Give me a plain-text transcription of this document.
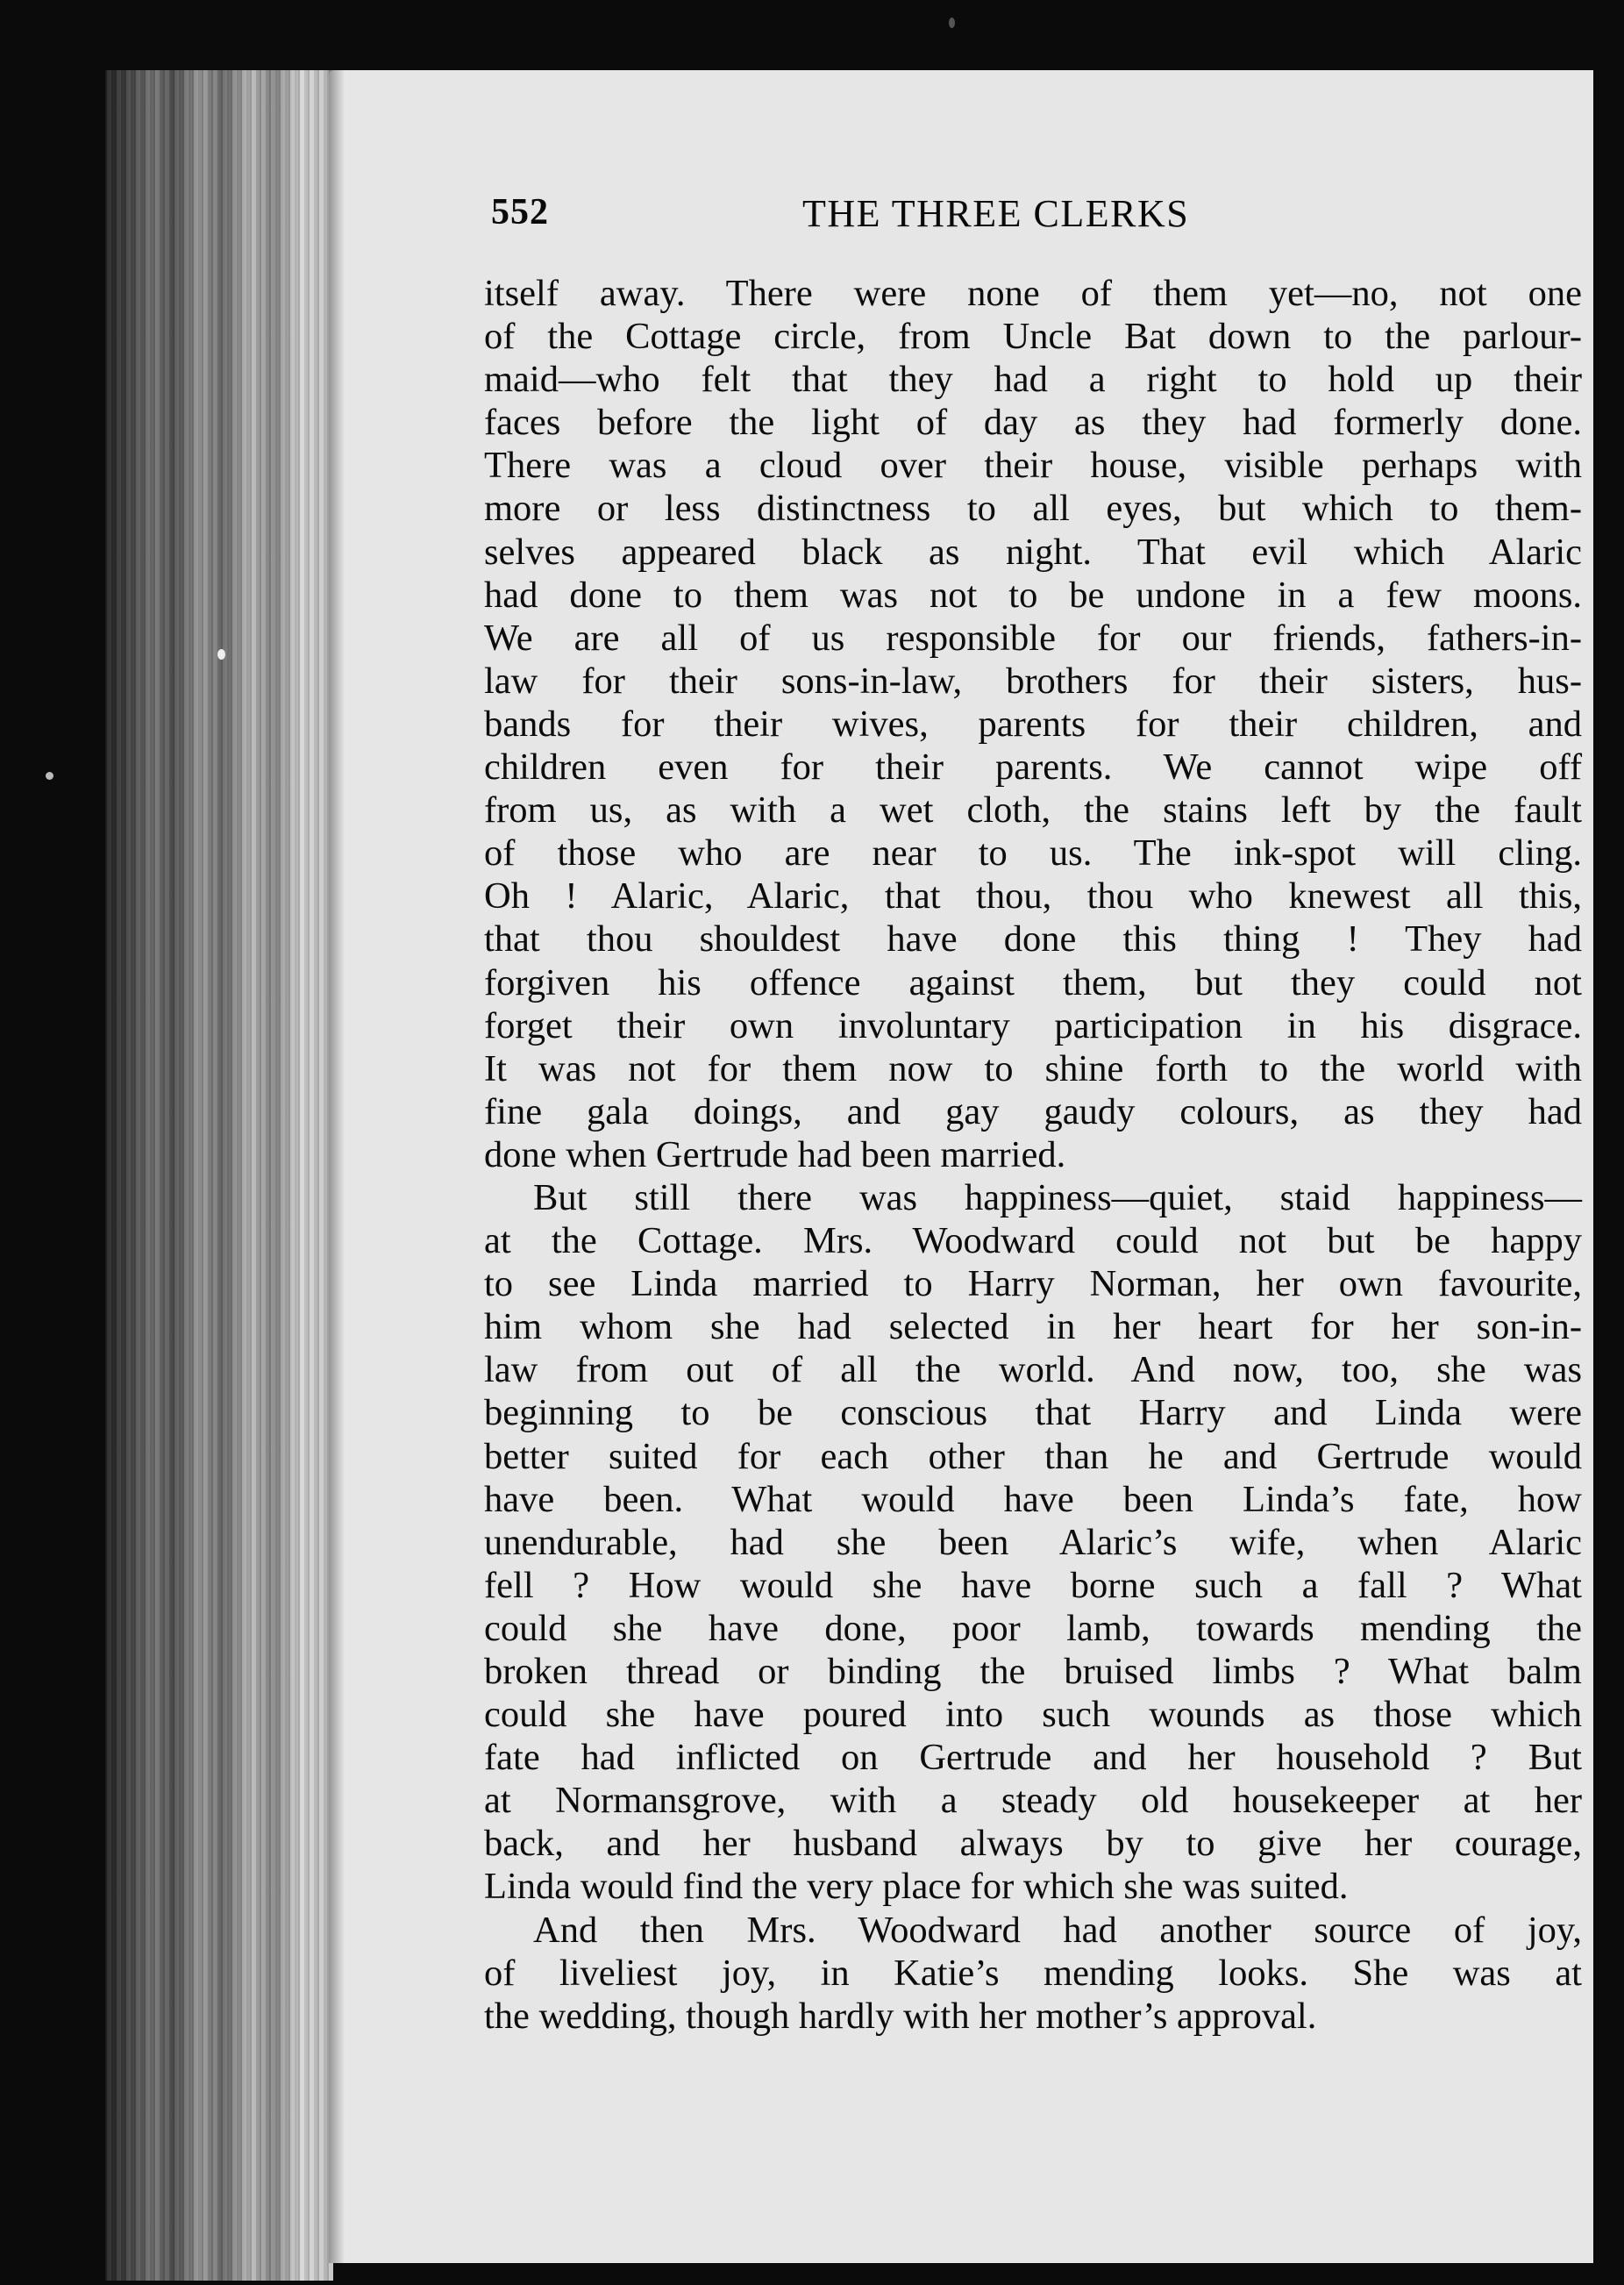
552	THE THREE CLERKS
itself away. There were none of them yet—no, not one
of the Cottage circle, from Uncle Bat down to the parlour-
maid—who felt that they had a right to hold up their
faces before the light of day as they had formerly done.
There was a cloud over their house, visible perhaps with
more or less distinctness to all eyes, but which to them-
selves appeared black as night. That evil which Alaric
had done to them was not to be undone in a few moons.
We are all of us responsible for our friends, fathers-in-
law for their sons-in-law, brothers for their sisters, hus-
bands for their wives, parents for their children, and
children even for their parents. We cannot wipe off
from us, as with a wet cloth, the stains left by the fault
of those who are near to us. The ink-spot will cling.
Oh ! Alaric, Alaric, that thou, thou who knewest all this,
that thou shouldest have done this thing ! They had
forgiven his offence against them, but they could not
forget their own involuntary participation in his disgrace.
It was not for them now to shine forth to the world with
fine gala doings, and gay gaudy colours, as they had
done when Gertrude had been married.
But still there was happiness—quiet, staid happiness—
at the Cottage. Mrs. Woodward could not but be happy
to see Linda married to Harry Norman, her own favourite,
him whom she had selected in her heart for her son-in-
law from out of all the world. And now, too, she was
beginning to be conscious that Harry and Linda were
better suited for each other than he and Gertrude would
have been. What would have been Linda’s fate, how
unendurable, had she been Alaric’s wife, when Alaric
fell ? How would she have borne such a fall ? What
could she have done, poor lamb, towards mending the
broken thread or binding the bruised limbs ? What balm
could she have poured into such wounds as those which
fate had inflicted on Gertrude and her household ? But
at Normansgrove, with a steady old housekeeper at her
back, and her husband always by to give her courage,
Linda would find the very place for which she was suited.
And then Mrs. Woodward had another source of joy,
of liveliest joy, in Katie’s mending looks. She was at
the wedding, though hardly with her mother’s approval.
